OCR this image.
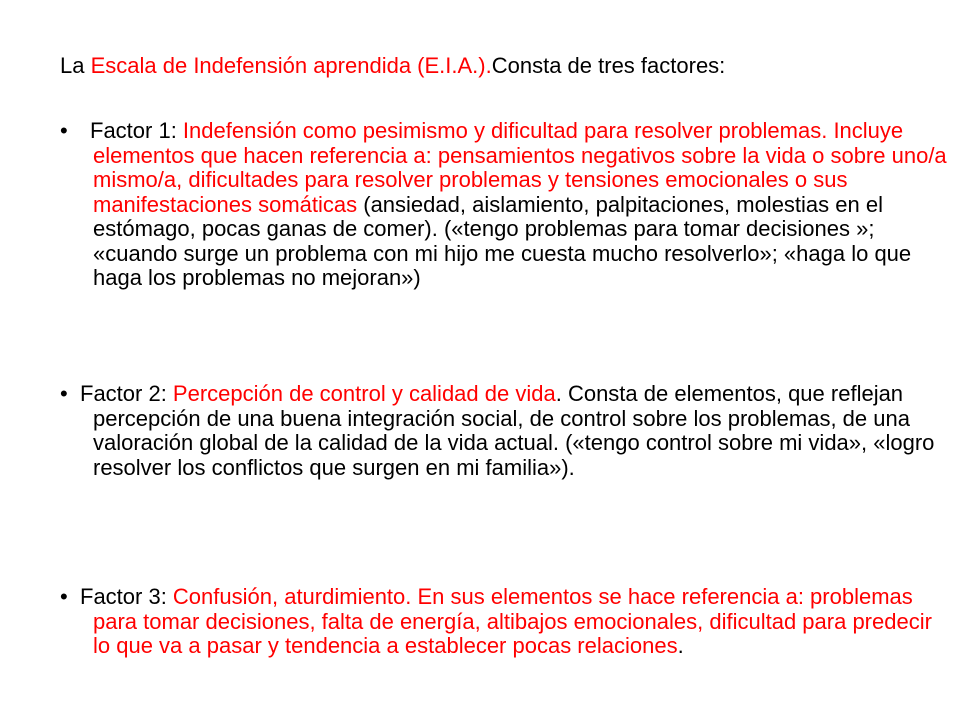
La Escala de Indefensión aprendida (E.I.A.).Consta de tres factores:
• Factor 1: Indefensión como pesimismo y dificultad para resolver problemas. Incluye elementos que hacen referencia a: pensamientos negativos sobre la vida o sobre uno/a mismo/a, dificultades para resolver problemas y tensiones emocionales o sus manifestaciones somáticas (ansiedad, aislamiento, palpitaciones, molestias en el estómago, pocas ganas de comer). («tengo problemas para tomar decisiones »; «cuando surge un problema con mi hijo me cuesta mucho resolverlo»; «haga lo que haga los problemas no mejoran»)
• Factor 2: Percepción de control y calidad de vida. Consta de elementos, que reflejan percepción de una buena integración social, de control sobre los problemas, de una valoración global de la calidad de la vida actual. («tengo control sobre mi vida», «logro resolver los conflictos que surgen en mi familia»).
• Factor 3: Confusión, aturdimiento. En sus elementos se hace referencia a: problemas para tomar decisiones, falta de energía, altibajos emocionales, dificultad para predecir lo que va a pasar y tendencia a establecer pocas relaciones.
